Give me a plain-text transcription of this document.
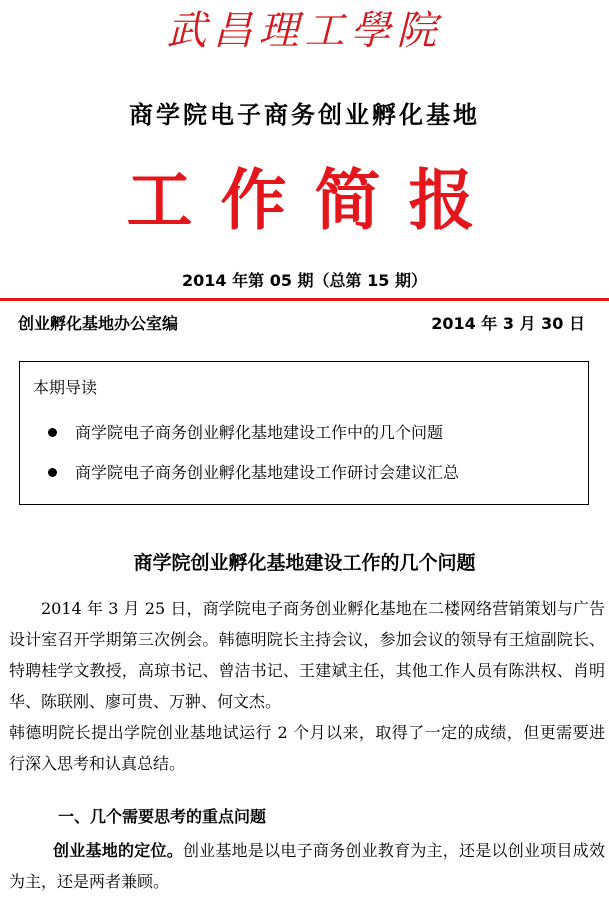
武昌理工學院
商学院电子商务创业孵化基地
工作简报
2014 年第 05 期（总第 15 期）
创业孵化基地办公室编	2014 年 3 月 30 日
本期导读
商学院电子商务创业孵化基地建设工作中的几个问题
商学院电子商务创业孵化基地建设工作研讨会建议汇总
商学院创业孵化基地建设工作的几个问题
2014 年 3 月 25 日，商学院电子商务创业孵化基地在二楼网络营销策划与广告设计室召开学期第三次例会。韩德明院长主持会议，参加会议的领导有王煊副院长、特聘桂学文教授，高琼书记、曾洁书记、王建斌主任，其他工作人员有陈洪权、肖明华、陈联刚、廖可贵、万翀、何文杰。
韩德明院长提出学院创业基地试运行 2 个月以来，取得了一定的成绩，但更需要进行深入思考和认真总结。
一、几个需要思考的重点问题
创业基地的定位。创业基地是以电子商务创业教育为主，还是以创业项目成效为主，还是两者兼顾。
